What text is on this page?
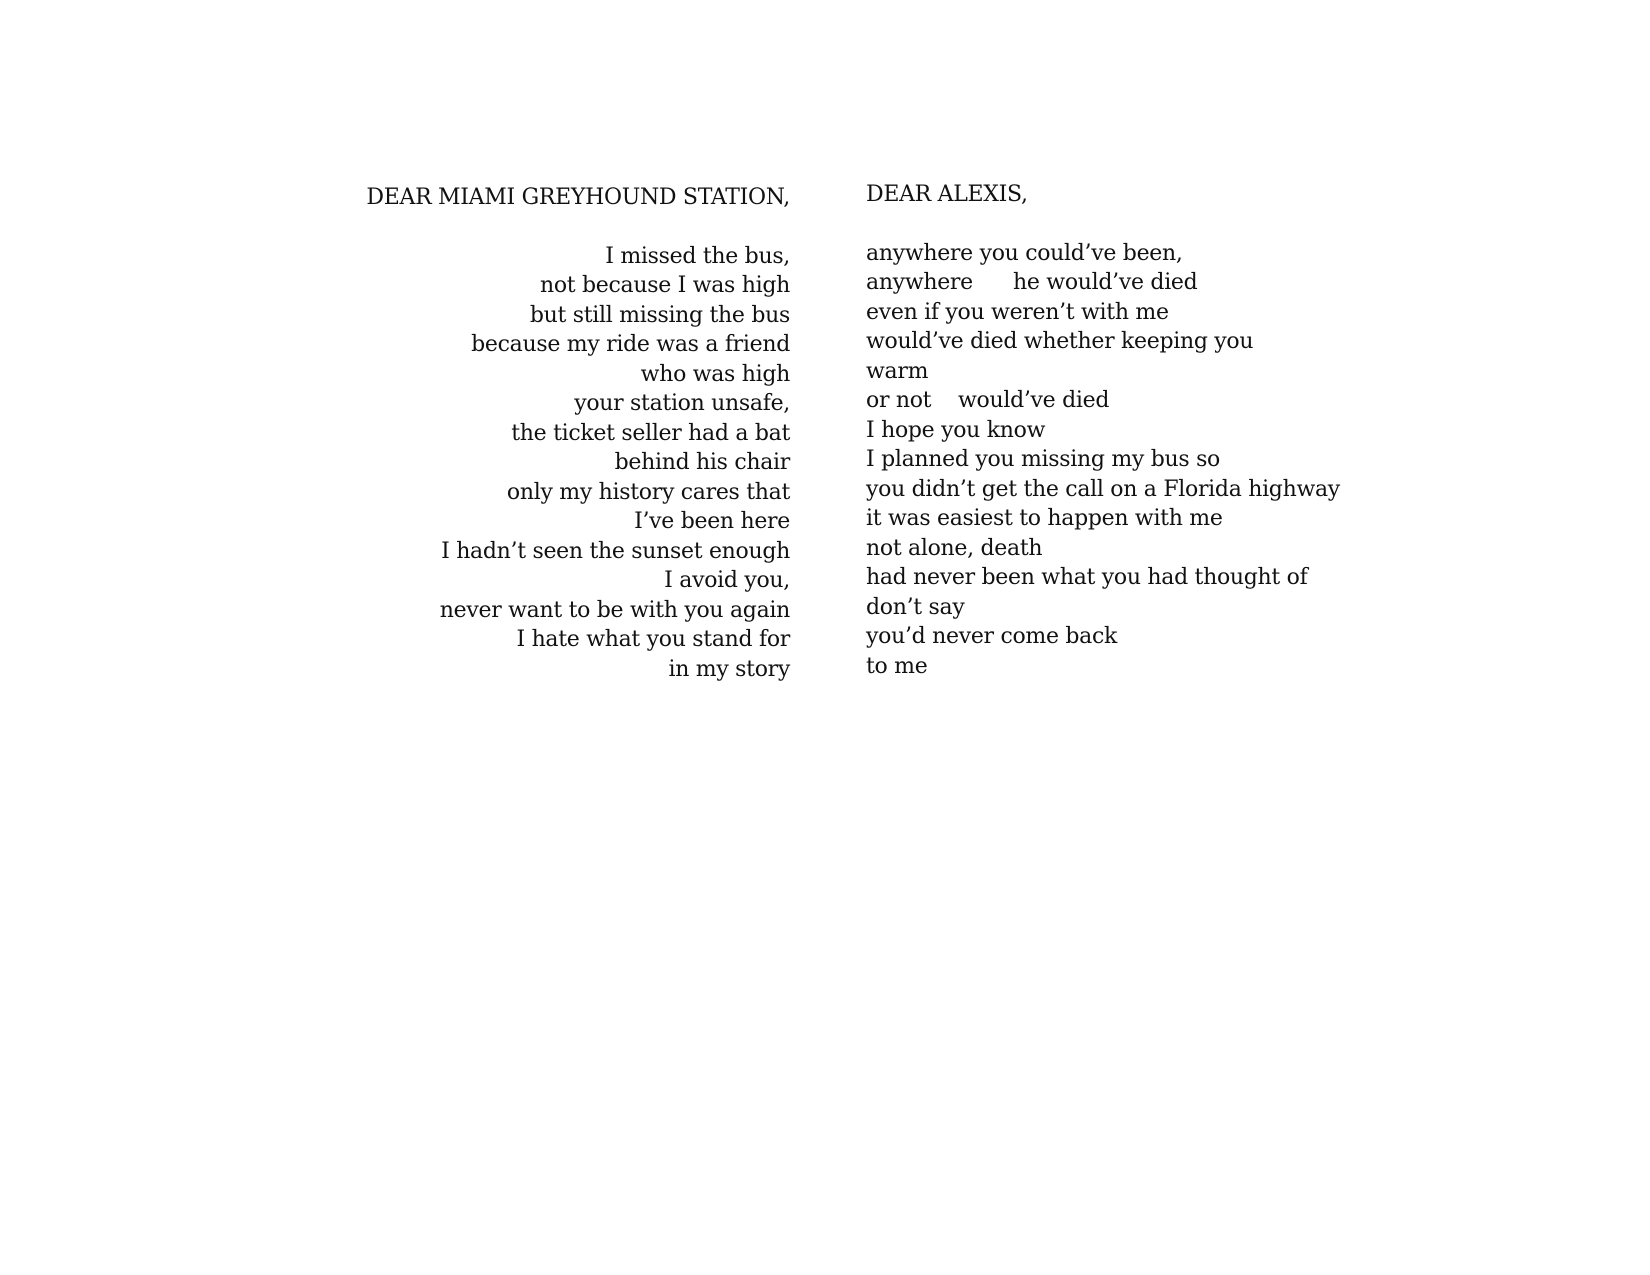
DEAR MIAMI GREYHOUND STATION,
I missed the bus,
not because I was high
but still missing the bus
because my ride was a friend
who was high
your station unsafe,
the ticket seller had a bat
behind his chair
only my history cares that
I’ve been here
I hadn’t seen the sunset enough
I avoid you,
never want to be with you again
I hate what you stand for
in my story
DEAR ALEXIS,
anywhere you could’ve been,
anywhere      he would’ve died
even if you weren’t with me
would’ve died whether keeping you
warm
or not    would’ve died
I hope you know
I planned you missing my bus so
you didn’t get the call on a Florida highway
it was easiest to happen with me
not alone, death
had never been what you had thought of
don’t say
you’d never come back
to me
